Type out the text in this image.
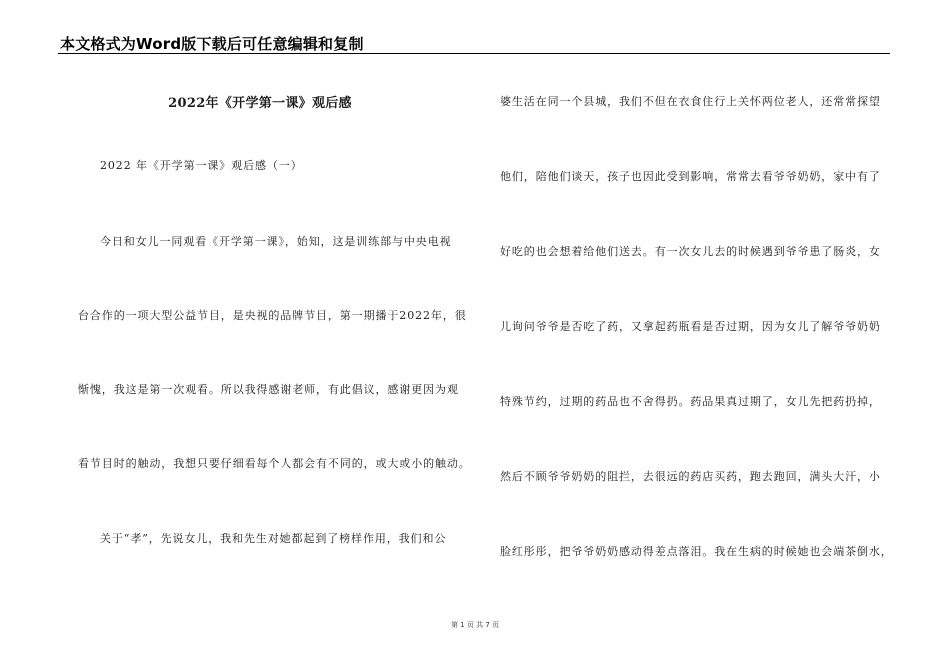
本文格式为Word版下载后可任意编辑和复制
2022年《开学第一课》观后感
2022 年《开学第一课》观后感（一）
今日和女儿一同观看《开学第一课》，始知，这是训练部与中央电视
台合作的一项大型公益节目，是央视的品牌节目，第一期播于2022年，很
惭愧，我这是第一次观看。所以我得感谢老师，有此倡议，感谢更因为观
看节目时的触动，我想只要仔细看每个人都会有不同的，或大或小的触动。
关于“孝”，先说女儿，我和先生对她都起到了榜样作用，我们和公
婆生活在同一个县城，我们不但在衣食住行上关怀两位老人，还常常探望
他们，陪他们谈天，孩子也因此受到影响，常常去看爷爷奶奶，家中有了
好吃的也会想着给他们送去。有一次女儿去的时候遇到爷爷患了肠炎，女
儿询问爷爷是否吃了药，又拿起药瓶看是否过期，因为女儿了解爷爷奶奶
特殊节约，过期的药品也不舍得扔。药品果真过期了，女儿先把药扔掉，
然后不顾爷爷奶奶的阻拦，去很远的药店买药，跑去跑回，满头大汗，小
脸红彤彤，把爷爷奶奶感动得差点落泪。我在生病的时候她也会端茶倒水，
第 1 页 共 7 页
